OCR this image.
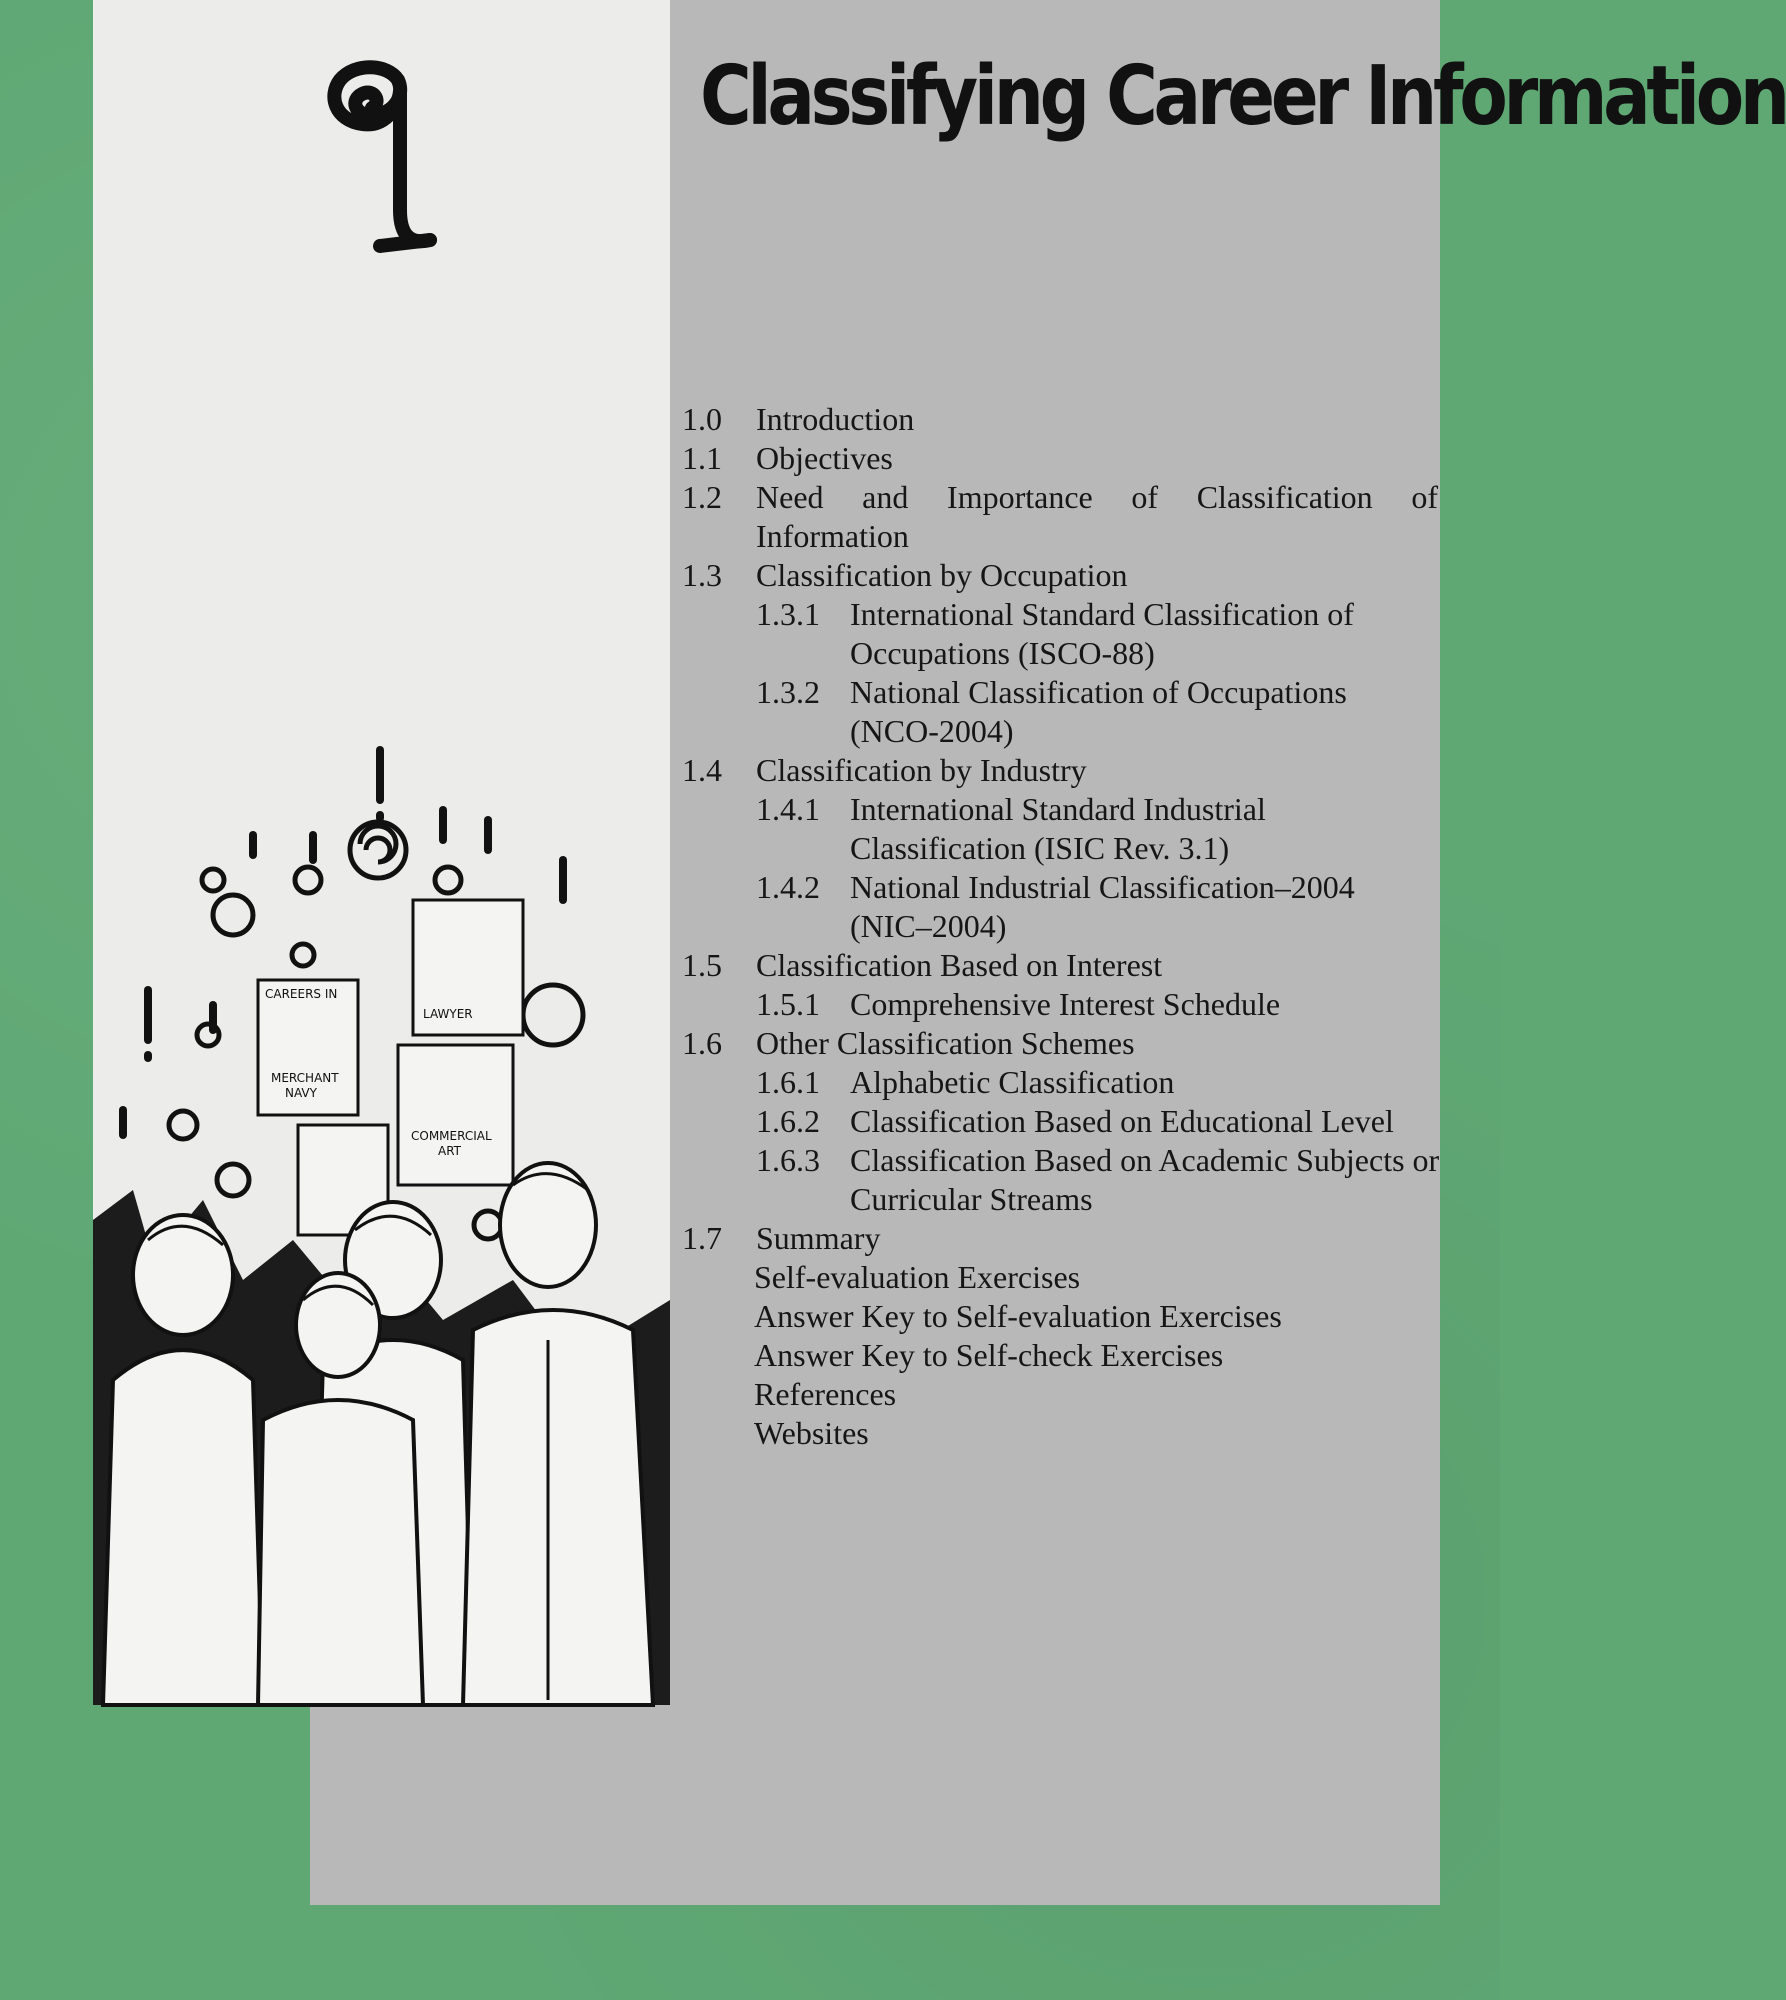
Classifying Career Information
1.0	Introduction
1.1	Objectives
1.2	Need and Importance of Classification of Information
1.3	Classification by Occupation
1.3.1 International Standard Classification of Occupations (ISCO-88)
1.3.2 National Classification of Occupations (NCO-2004)
1.4	Classification by Industry
1.4.1 International Standard Industrial Classification (ISIC Rev. 3.1)
1.4.2 National Industrial Classification–2004 (NIC–2004)
1.5	Classification Based on Interest
1.5.1 Comprehensive Interest Schedule
1.6	Other Classification Schemes
1.6.1 Alphabetic Classification
1.6.2 Classification Based on Educational Level
1.6.3 Classification Based on Academic Subjects or Curricular Streams
1.7	Summary
Self-evaluation Exercises
Answer Key to Self-evaluation Exercises
Answer Key to Self-check Exercises
References
Websites
CAREERS IN
MERCHANT
NAVY
LAWYER
COMMERCIAL
ART
